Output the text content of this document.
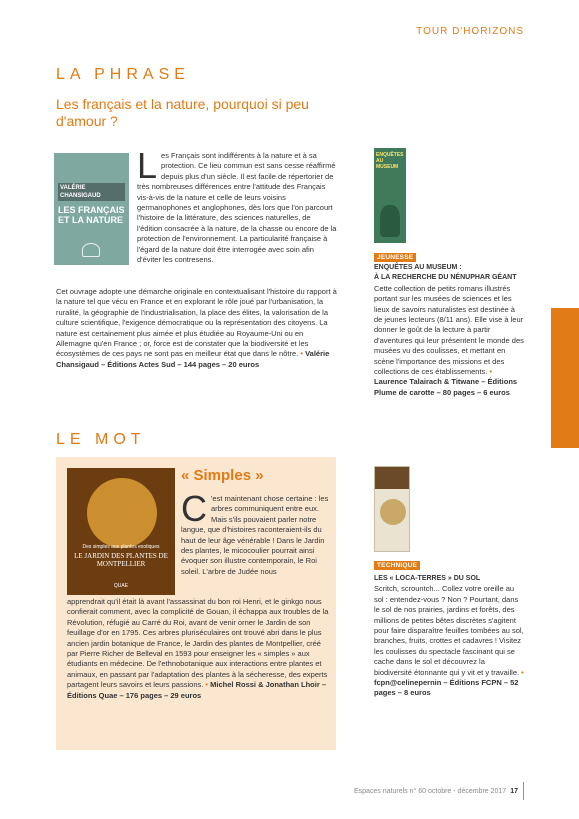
TOUR D'HORIZONS
LA PHRASE
Les français et la nature, pourquoi si peu d'amour ?
VALÉRIE CHANSIGAUD
LES FRANÇAIS ET LA NATURE
Les Français sont indifférents à la nature et à sa protection. Ce lieu commun est sans cesse réaffirmé depuis plus d'un siècle. Il est facile de répertorier de très nombreuses différences entre l'attitude des Français vis-à-vis de la nature et celle de leurs voisins germanophones et anglophones, dès lors que l'on parcourt l'histoire de la littérature, des sciences naturelles, de l'édition consacrée à la nature, de la chasse ou encore de la protection de l'environnement. La particularité française à l'égard de la nature doit être interrogée avec soin afin d'éviter les contresens.
Cet ouvrage adopte une démarche originale en contextualisant l'histoire du rapport à la nature tel que vécu en France et en explorant le rôle joué par l'urbanisation, la ruralité, la géographie de l'industrialisation, la place des élites, la valorisation de la culture scientifique, l'exigence démocratique ou la représentation des citoyens. La nature est certainement plus aimée et plus étudiée au Royaume-Uni ou en Allemagne qu'en France ; or, force est de constater que la biodiversité et les écosystèmes de ces pays ne sont pas en meilleur état que dans le nôtre. • Valérie Chansigaud – Éditions Actes Sud – 144 pages – 20 euros
ENQUÊTES AU MUSEUM
JEUNESSE
ENQUÊTES AU MUSEUM :
À LA RECHERCHE DU NÉNUPHAR GÉANT
Cette collection de petits romans illustrés portant sur les musées de sciences et les lieux de savoirs naturalistes est destinée à de jeunes lecteurs (8/11 ans). Elle vise à leur donner le goût de la lecture à partir d'aventures qui leur présentent le monde des musées vu des coulisses, et mettant en scène l'importance des missions et des collections de ces établissements. • Laurence Talairach & Titwane – Éditions Plume de carotte – 80 pages – 6 euros
LE MOT
Des simples aux plantes exotiques
LE JARDIN DES PLANTES DE MONTPELLIER
QUAE
« Simples »
C 'est maintenant chose certaine : les arbres communiquent entre eux. Mais s'ils pouvaient parler notre langue, que d'histoires raconteraient-ils du haut de leur âge vénérable ! Dans le Jardin des plantes, le micocoulier pourrait ainsi évoquer son illustre contemporain, le Roi soleil. L'arbre de Judée nous
apprendrait qu'il était là avant l'assassinat du bon roi Henri, et le ginkgo nous confierait comment, avec la complicité de Gouan, il échappa aux troubles de la Révolution, réfugié au Carré du Roi, avant de venir orner le Jardin de son feuillage d'or en 1795. Ces arbres pluriséculaires ont trouvé abri dans le plus ancien jardin botanique de France, le Jardin des plantes de Montpellier, créé par Pierre Richer de Belleval en 1593 pour enseigner les « simples » aux étudiants en médecine. De l'ethnobotanique aux interactions entre plantes et animaux, en passant par l'adaptation des plantes à la sécheresse, des experts partagent leurs savoirs et leurs passions. • Michel Rossi & Jonathan Lhoir – Éditions Quae – 176 pages – 29 euros
TECHNIQUE
LES « LOCA-TERRES » DU SOL
Scritch, scrountch... Collez votre oreille au sol : entendez-vous ? Non ? Pourtant, dans le sol de nos prairies, jardins et forêts, des millions de petites bêtes discrètes s'agitent pour faire disparaître feuilles tombées au sol, branches, fruits, crottes et cadavres ! Visitez les coulisses du spectacle fascinant qui se cache dans le sol et découvrez la biodiversité étonnante qui y vit et y travaille. • fcpn@celinepernin – Éditions FCPN – 52 pages – 8 euros
Espaces naturels n° 60 octobre - décembre 2017 17
